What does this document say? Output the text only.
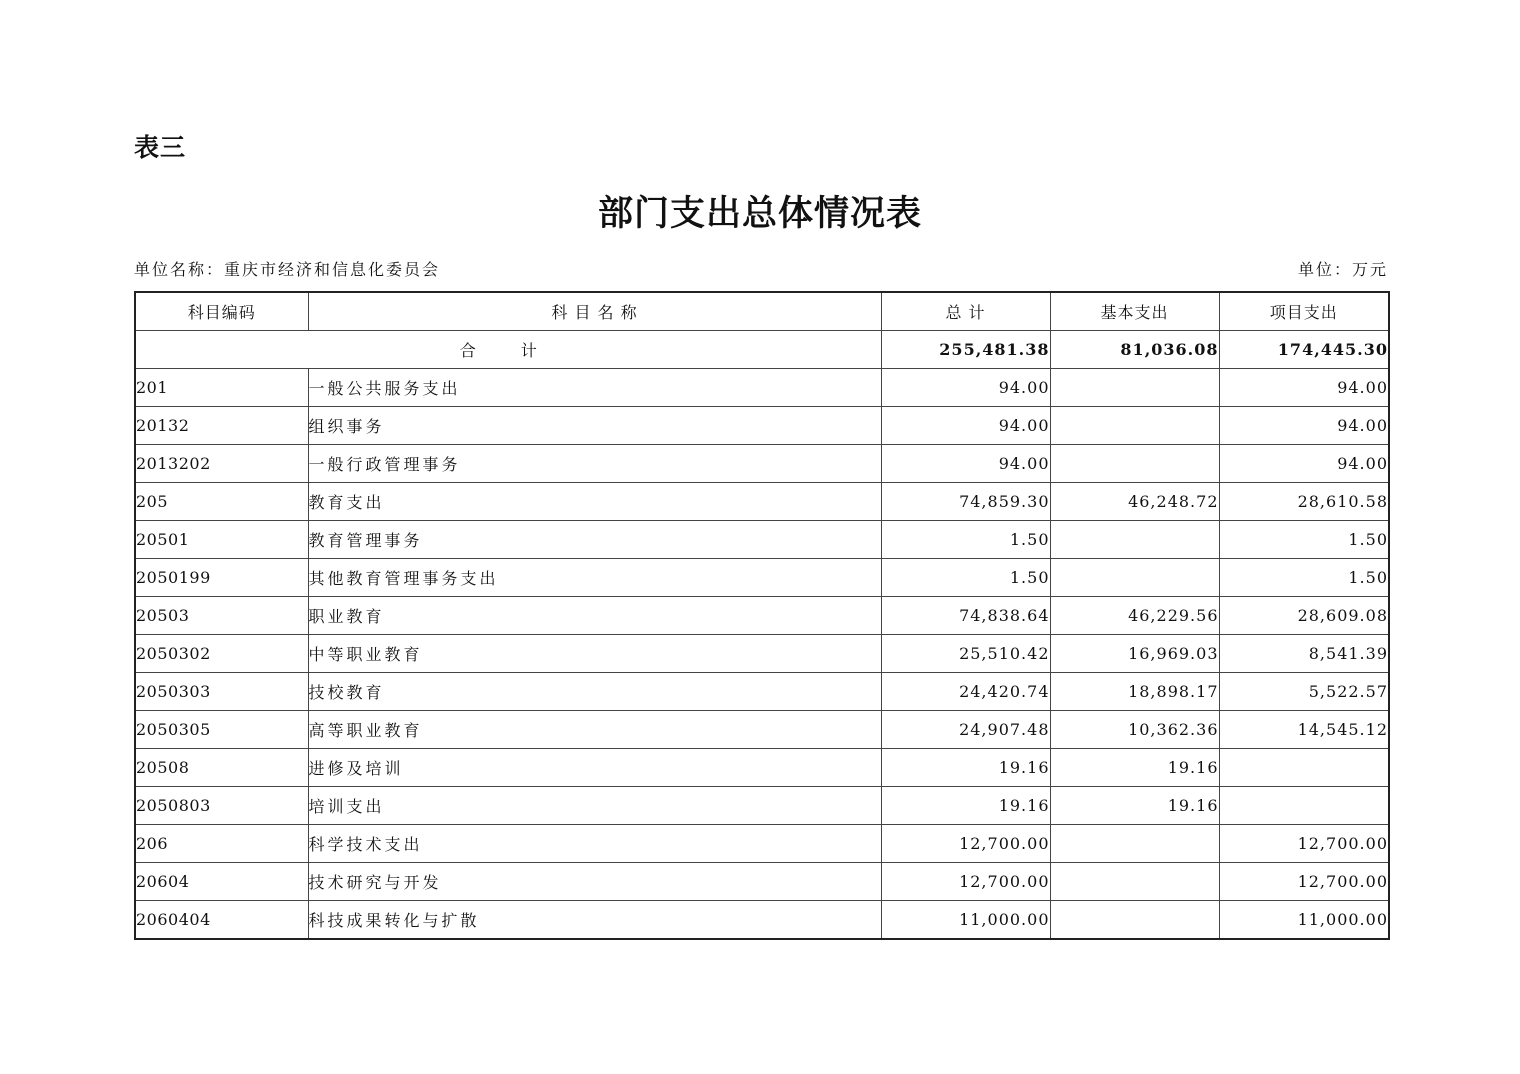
表三
部门支出总体情况表
单位名称：重庆市经济和信息化委员会	单位：万元
科目编码	科 目 名 称	总 计	基本支出	项目支出
合 计		255,481.38	81,036.08	174,445.30
201	一般公共服务支出	94.00		94.00
20132	组织事务	94.00		94.00
2013202	一般行政管理事务	94.00		94.00
205	教育支出	74,859.30	46,248.72	28,610.58
20501	教育管理事务	1.50		1.50
2050199	其他教育管理事务支出	1.50		1.50
20503	职业教育	74,838.64	46,229.56	28,609.08
2050302	中等职业教育	25,510.42	16,969.03	8,541.39
2050303	技校教育	24,420.74	18,898.17	5,522.57
2050305	高等职业教育	24,907.48	10,362.36	14,545.12
20508	进修及培训	19.16	19.16	
2050803	培训支出	19.16	19.16	
206	科学技术支出	12,700.00		12,700.00
20604	技术研究与开发	12,700.00		12,700.00
2060404	科技成果转化与扩散	11,000.00		11,000.00
